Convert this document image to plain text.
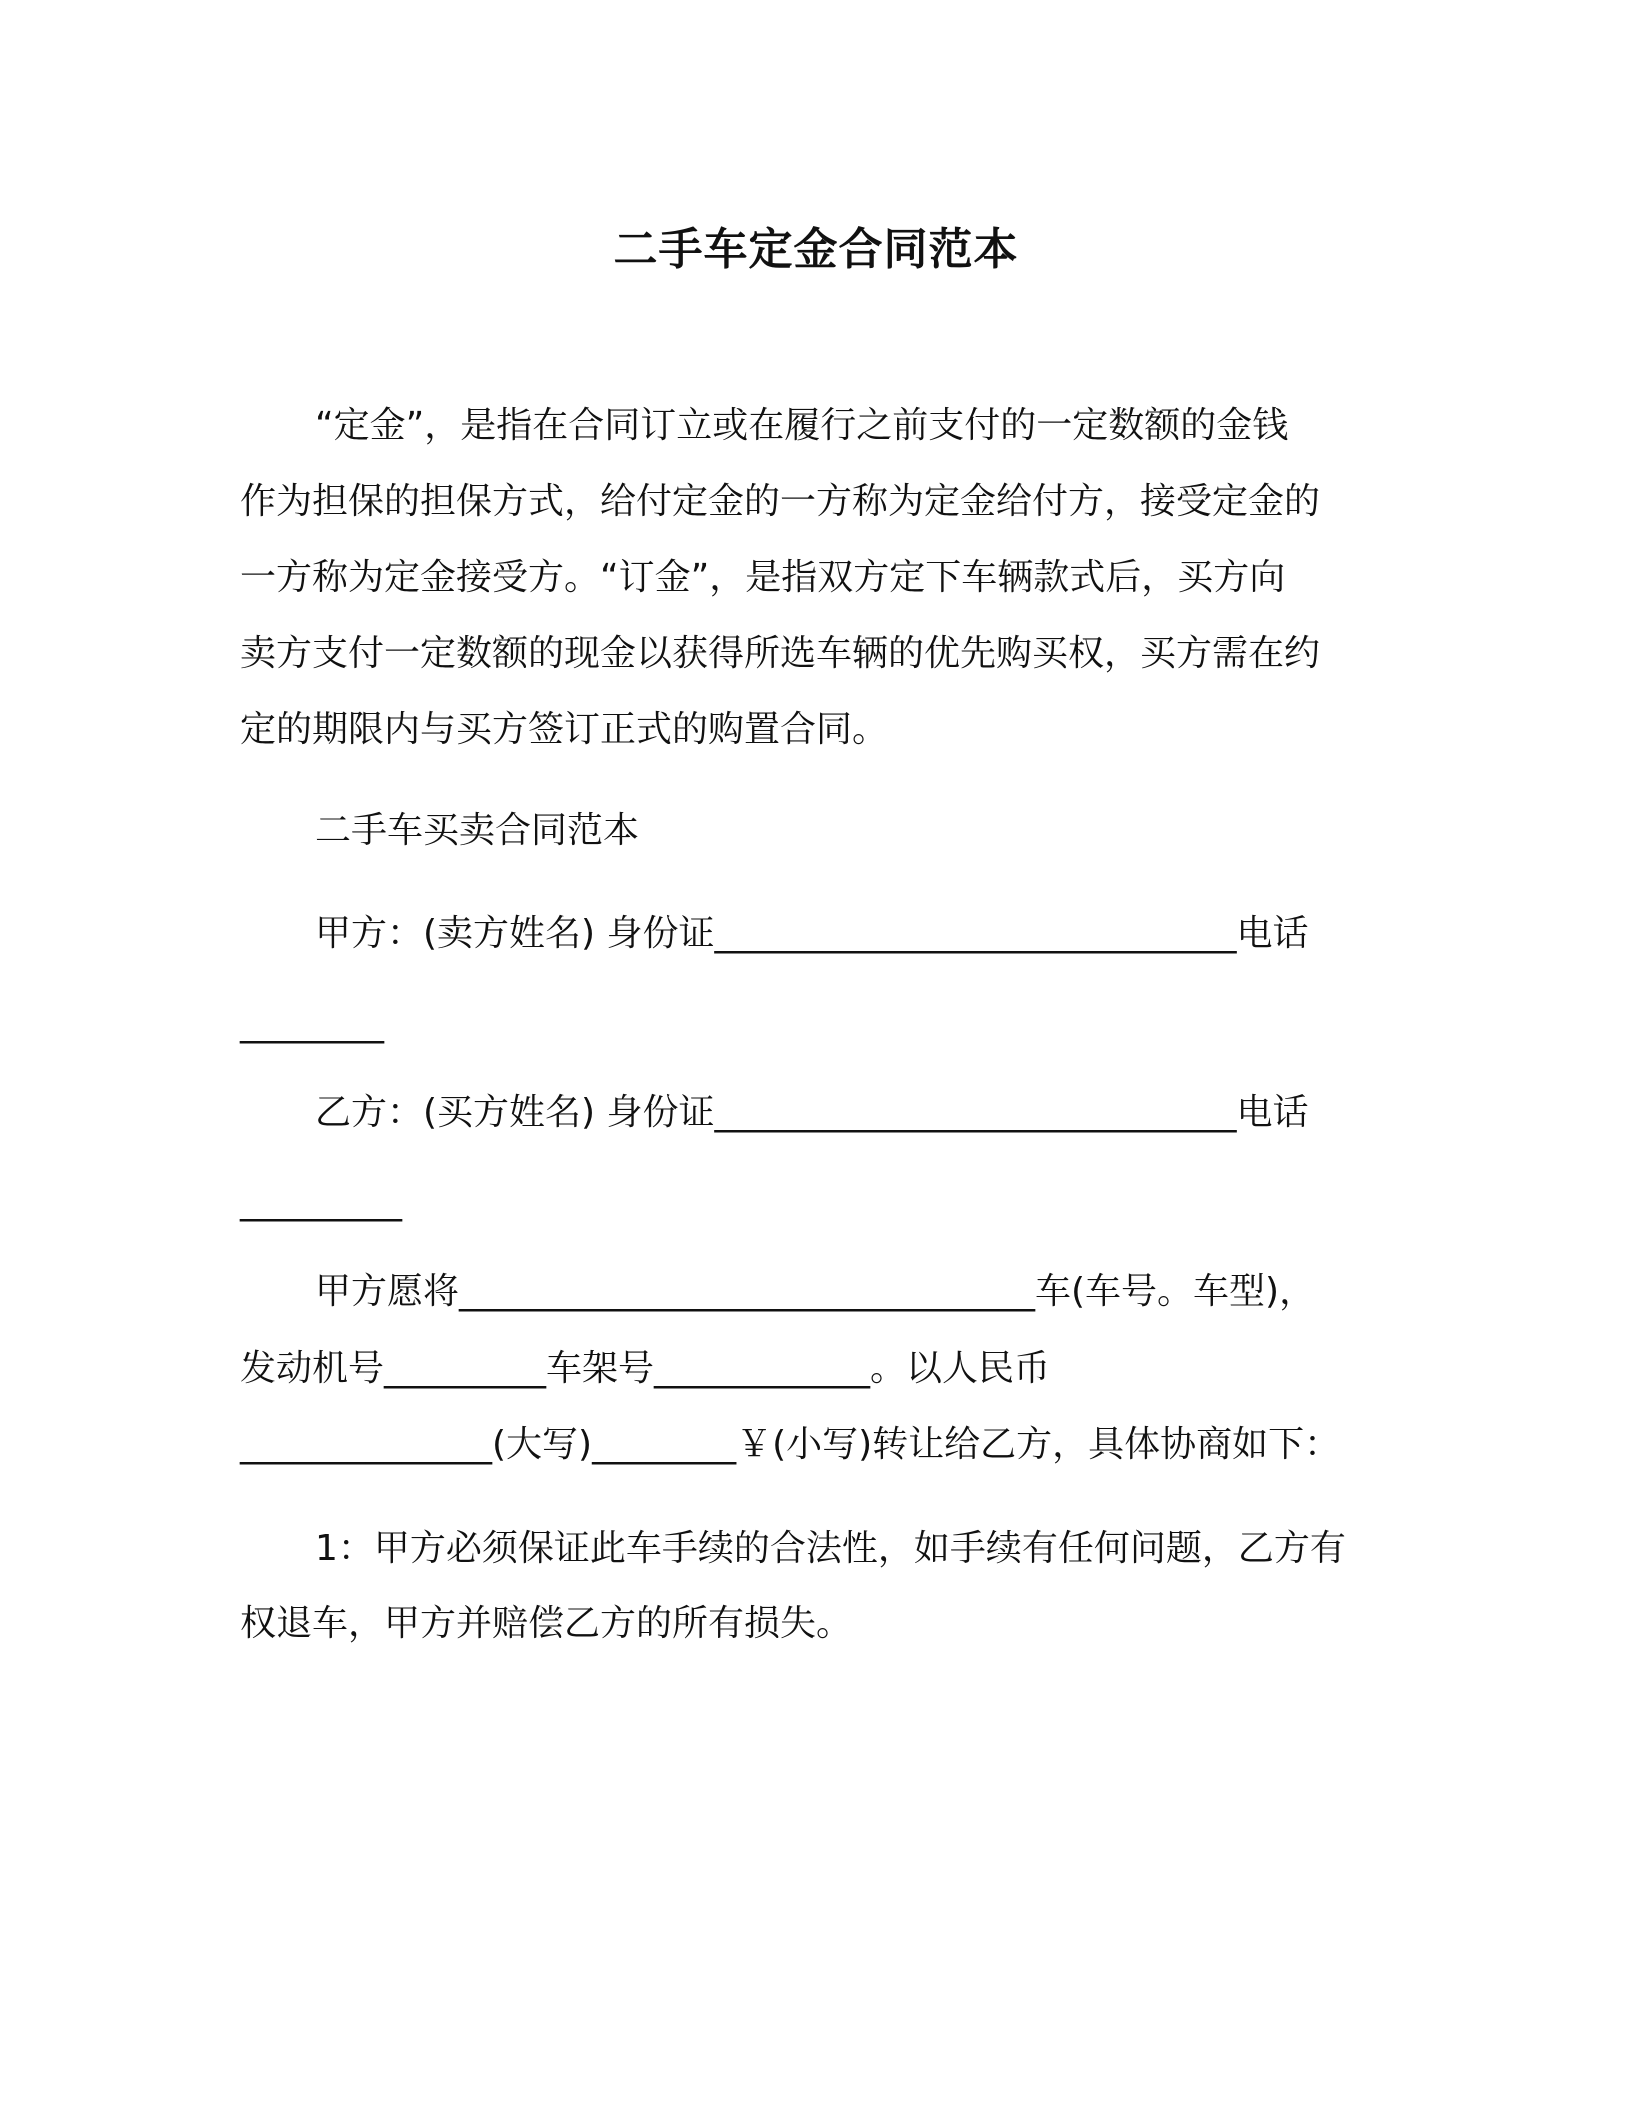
二手车定金合同范本
“定金”，是指在合同订立或在履行之前支付的一定数额的金钱
作为担保的担保方式，给付定金的一方称为定金给付方，接受定金的
一方称为定金接受方。“订金”，是指双方定下车辆款式后，买方向
卖方支付一定数额的现金以获得所选车辆的优先购买权，买方需在约
定的期限内与买方签订正式的购置合同。
二手车买卖合同范本
甲方：(卖方姓名) 身份证_____________________________电话
________
乙方：(买方姓名) 身份证_____________________________电话
_________
甲方愿将________________________________车(车号。车型)，
发动机号_________车架号____________。以人民币
______________(大写)________￥(小写)转让给乙方，具体协商如下：
1：甲方必须保证此车手续的合法性，如手续有任何问题，乙方有
权退车，甲方并赔偿乙方的所有损失。
